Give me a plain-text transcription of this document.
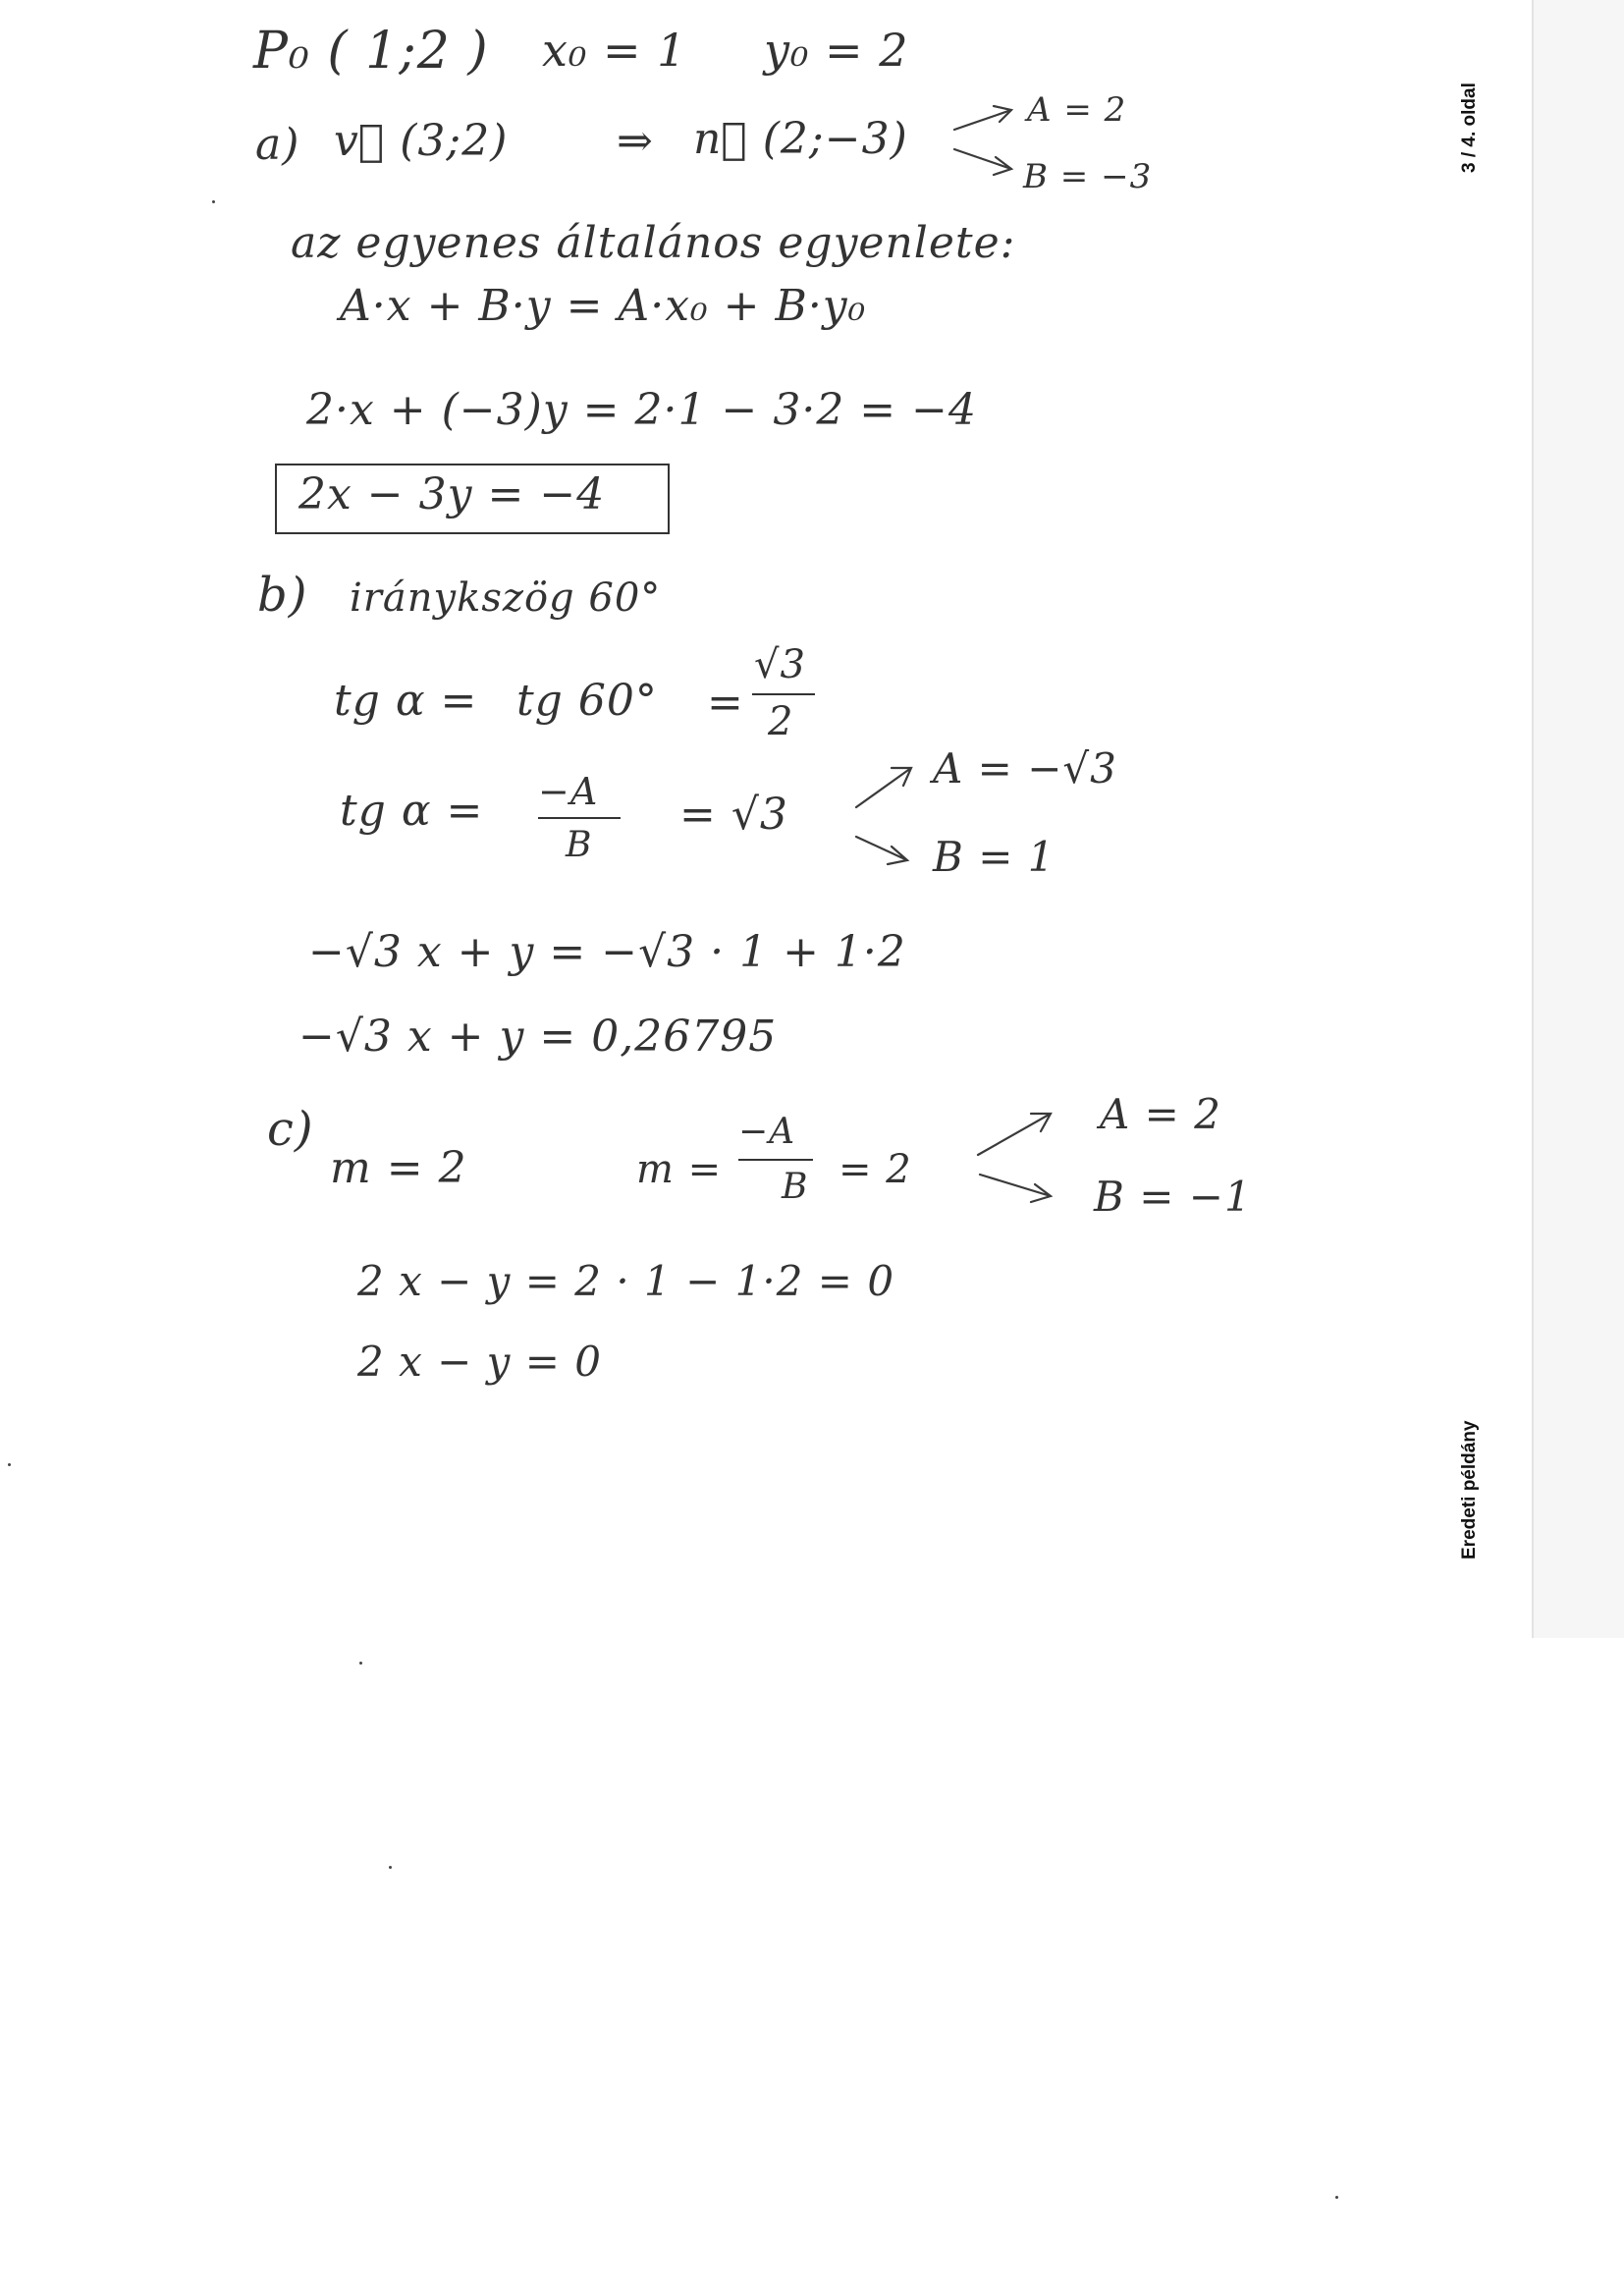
3 / 4. oldal
Eredeti példány
P₀ ( 1;2 ) x₀ = 1 y₀ = 2
a) v⃗ (3;2)	⇒ n⃗ (2;−3)
A = 2
B = −3
az egyenes általános egyenlete:
A·x + B·y = A·x₀ + B·y₀
2·x + (−3)y = 2·1 − 3·2 = −4
2x − 3y = −4
b) iránykszög 60°
tg α = tg 60° =
√3
2
tg α = −A
B
= √3
A = −√3
B = 1
−√3 x + y = −√3 · 1 + 1·2
−√3 x + y = 0,26795
c)
m = 2	m =
−A
B = 2
A = 2
B = −1
2 x − y = 2 · 1 − 1·2 = 0
2 x − y = 0
